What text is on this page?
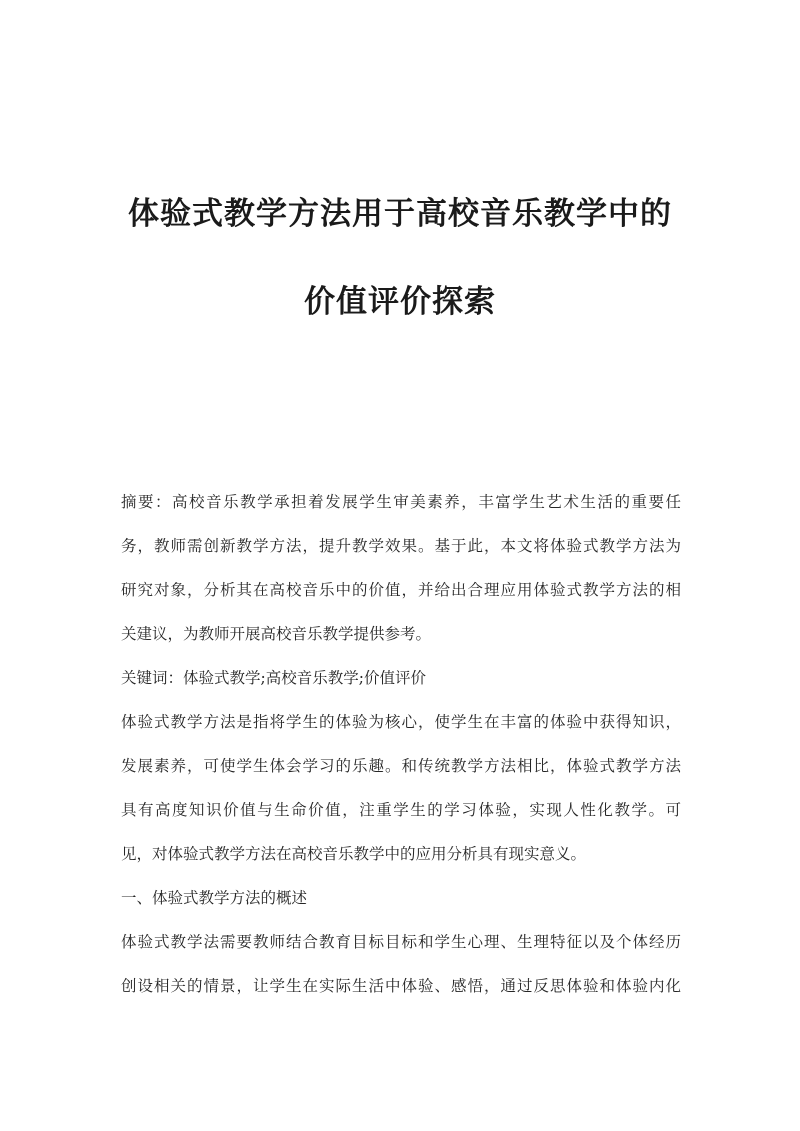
体验式教学方法用于高校音乐教学中的
价值评价探索
摘要：高校音乐教学承担着发展学生审美素养，丰富学生艺术生活的重要任
务，教师需创新教学方法，提升教学效果。基于此，本文将体验式教学方法为
研究对象，分析其在高校音乐中的价值，并给出合理应用体验式教学方法的相
关建议，为教师开展高校音乐教学提供参考。
关键词：体验式教学;高校音乐教学;价值评价
体验式教学方法是指将学生的体验为核心，使学生在丰富的体验中获得知识，
发展素养，可使学生体会学习的乐趣。和传统教学方法相比，体验式教学方法
具有高度知识价值与生命价值，注重学生的学习体验，实现人性化教学。可
见，对体验式教学方法在高校音乐教学中的应用分析具有现实意义。
一、体验式教学方法的概述
体验式教学法需要教师结合教育目标目标和学生心理、生理特征以及个体经历
创设相关的情景，让学生在实际生活中体验、感悟，通过反思体验和体验内化
